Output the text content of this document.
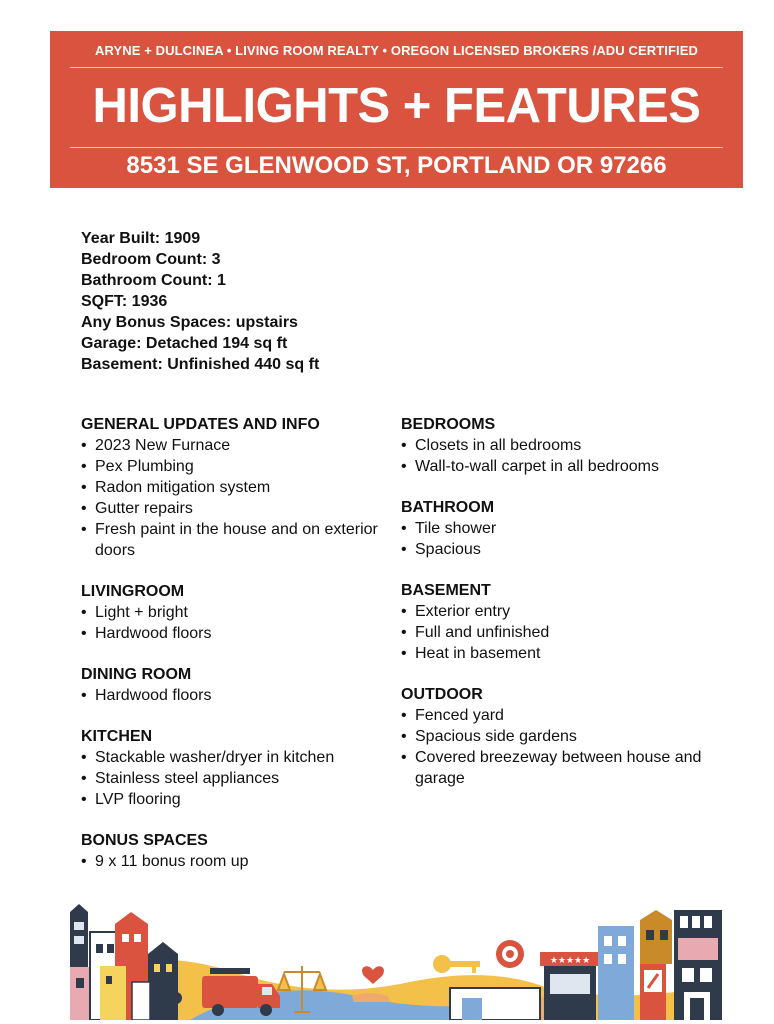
ARYNE + DULCINEA • LIVING ROOM REALTY • OREGON LICENSED BROKERS /ADU CERTIFIED
HIGHLIGHTS + FEATURES
8531 SE GLENWOOD ST, PORTLAND OR 97266
Year Built: 1909
Bedroom Count: 3
Bathroom Count: 1
SQFT: 1936
Any Bonus Spaces: upstairs
Garage: Detached 194 sq ft
Basement: Unfinished 440 sq ft
GENERAL UPDATES AND INFO
• 2023 New Furnace
• Pex Plumbing
• Radon mitigation system
• Gutter repairs
• Fresh paint in the house and on exterior doors
LIVINGROOM
• Light + bright
• Hardwood floors
DINING ROOM
• Hardwood floors
KITCHEN
• Stackable washer/dryer in kitchen
• Stainless steel appliances
• LVP flooring
BONUS SPACES
• 9 x 11 bonus room up
BEDROOMS
• Closets in all bedrooms
• Wall-to-wall carpet in all bedrooms
BATHROOM
• Tile shower
• Spacious
BASEMENT
• Exterior entry
• Full and unfinished
• Heat in basement
OUTDOOR
• Fenced yard
• Spacious side gardens
• Covered breezeway between house and garage
★★★★★
